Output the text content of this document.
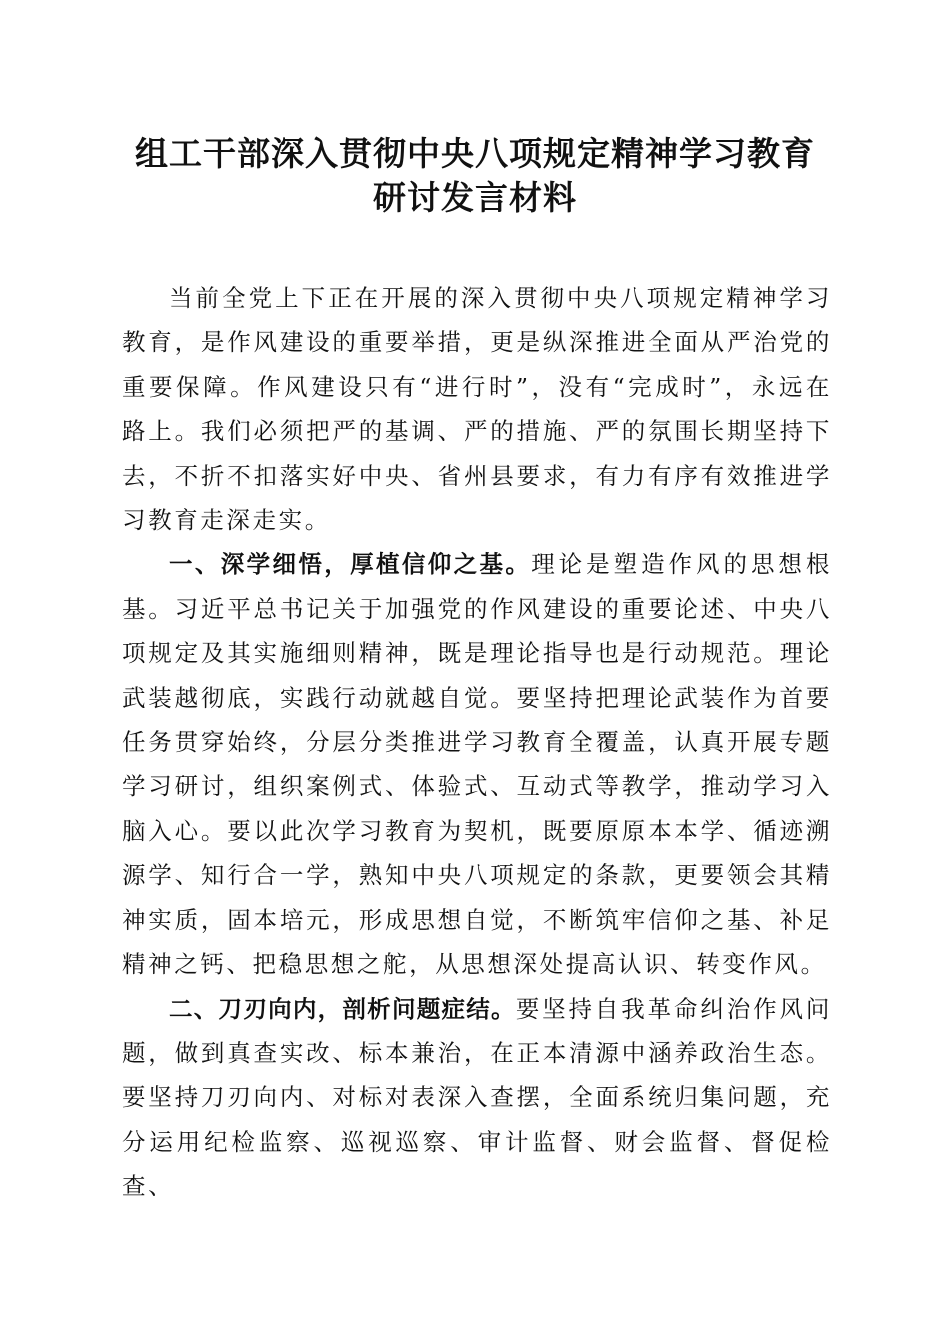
组工干部深入贯彻中央八项规定精神学习教育
研讨发言材料

当前全党上下正在开展的深入贯彻中央八项规定精神学习教育，是作风建设的重要举措，更是纵深推进全面从严治党的重要保障。作风建设只有“进行时”，没有“完成时”，永远在路上。我们必须把严的基调、严的措施、严的氛围长期坚持下去，不折不扣落实好中央、省州县要求，有力有序有效推进学习教育走深走实。

一、深学细悟，厚植信仰之基。理论是塑造作风的思想根基。习近平总书记关于加强党的作风建设的重要论述、中央八项规定及其实施细则精神，既是理论指导也是行动规范。理论武装越彻底，实践行动就越自觉。要坚持把理论武装作为首要任务贯穿始终，分层分类推进学习教育全覆盖，认真开展专题学习研讨，组织案例式、体验式、互动式等教学，推动学习入脑入心。要以此次学习教育为契机，既要原原本本学、循迹溯源学、知行合一学，熟知中央八项规定的条款，更要领会其精神实质，固本培元，形成思想自觉，不断筑牢信仰之基、补足精神之钙、把稳思想之舵，从思想深处提高认识、转变作风。

二、刀刃向内，剖析问题症结。要坚持自我革命纠治作风问题，做到真查实改、标本兼治，在正本清源中涵养政治生态。要坚持刀刃向内、对标对表深入查摆，全面系统归集问题，充分运用纪检监察、巡视巡察、审计监督、财会监督、督促检查、
